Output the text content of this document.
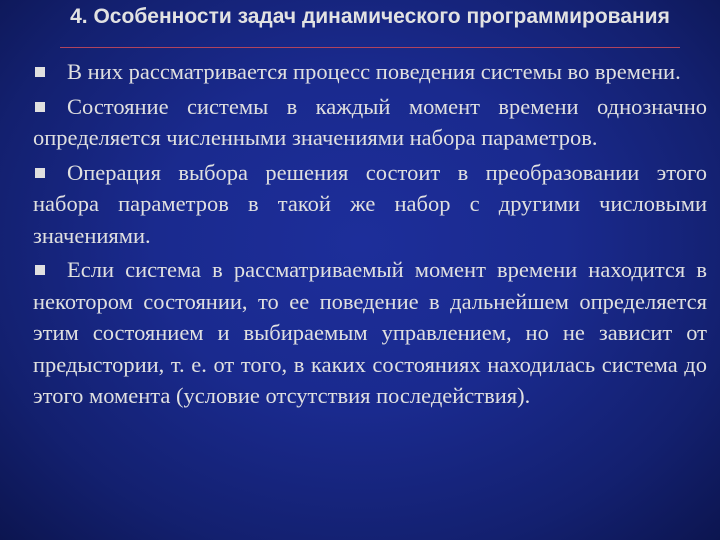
4. Особенности задач динамического программирования
В них рассматривается процесс поведения системы во времени.
Состояние системы в каждый момент времени однозначно определяется численными значениями набора параметров.
Операция выбора решения состоит в преобразовании этого набора параметров в такой же набор с другими числовыми значениями.
Если система в рассматриваемый момент времени находится в некотором состоянии, то ее поведение в дальнейшем определяется этим состоянием и выбираемым управлением, но не зависит от предыстории, т. е. от того, в каких состояниях находилась система до этого момента (условие отсутствия последействия).
